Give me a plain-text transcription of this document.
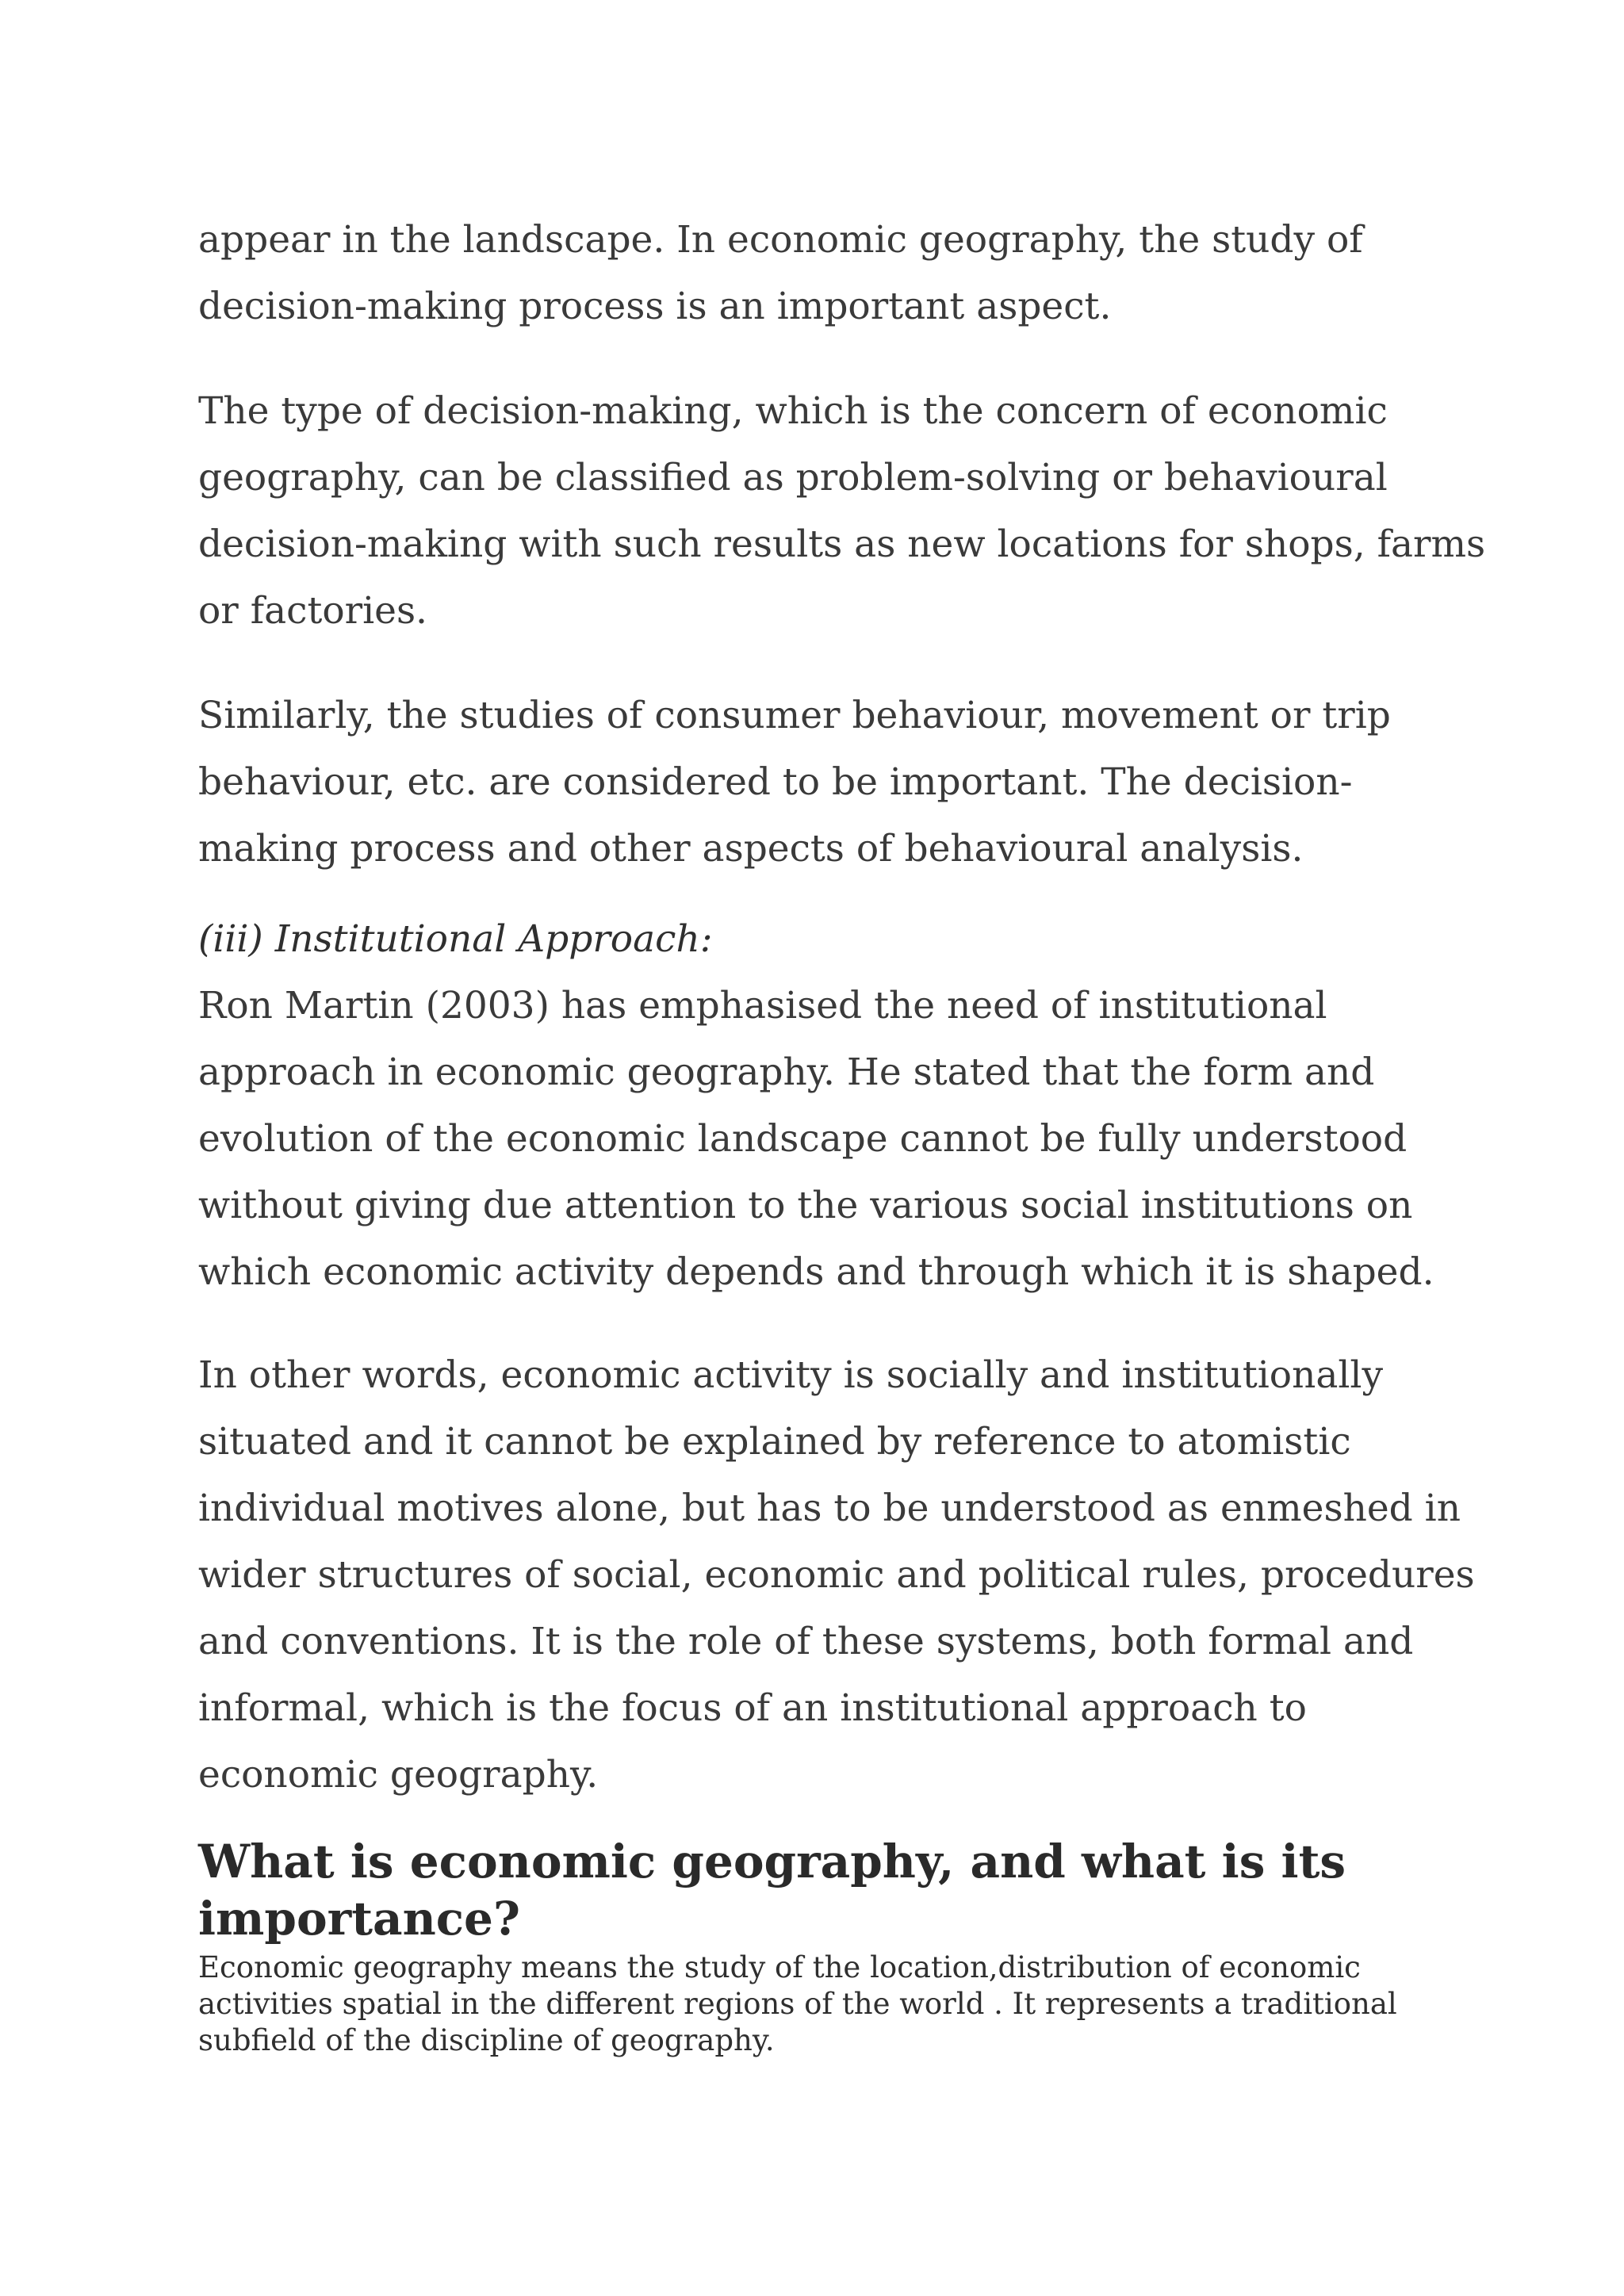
appear in the landscape. In economic geography, the study of
decision-making process is an important aspect.
The type of decision-making, which is the concern of economic
geography, can be classified as problem-solving or behavioural
decision-making with such results as new locations for shops, farms
or factories.
Similarly, the studies of consumer behaviour, movement or trip
behaviour, etc. are considered to be important. The decision-
making process and other aspects of behavioural analysis.
(iii) Institutional Approach:
Ron Martin (2003) has emphasised the need of institutional
approach in economic geography. He stated that the form and
evolution of the economic landscape cannot be fully understood
without giving due attention to the various social institutions on
which economic activity depends and through which it is shaped.
In other words, economic activity is socially and institutionally
situated and it cannot be explained by reference to atomistic
individual motives alone, but has to be understood as enmeshed in
wider structures of social, economic and political rules, procedures
and conventions. It is the role of these systems, both formal and
informal, which is the focus of an institutional approach to
economic geography.
What is economic geography, and what is its
importance?
Economic geography means the study of the location,distribution of economic
activities spatial in the different regions of the world . It represents a traditional
subfield of the discipline of geography.
